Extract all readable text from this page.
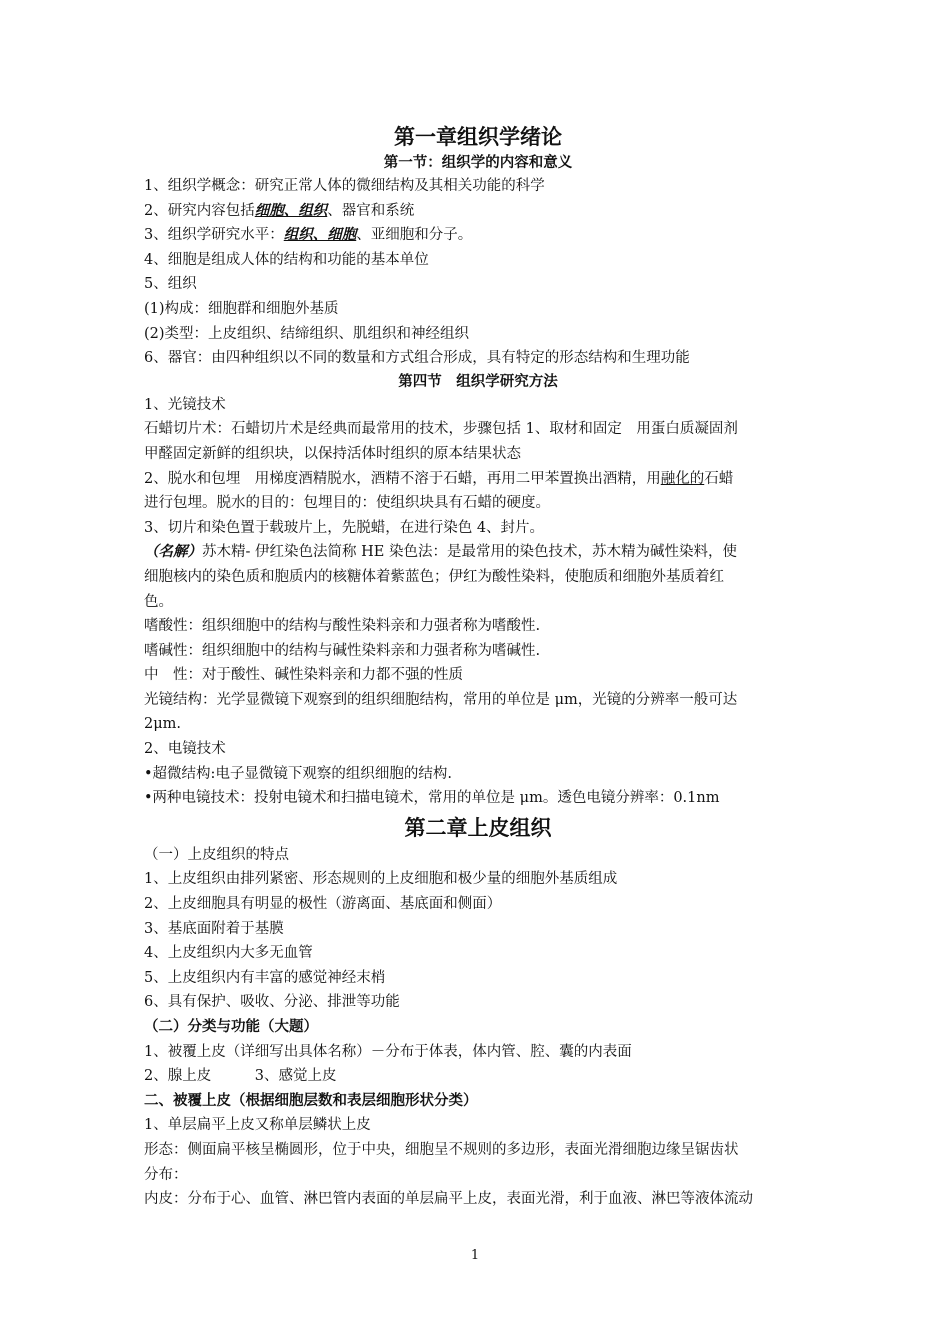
第一章组织学绪论
第一节：组织学的内容和意义
1、组织学概念：研究正常人体的微细结构及其相关功能的科学
2、研究内容包括细胞、组织、器官和系统
3、组织学研究水平：组织、细胞、亚细胞和分子。
4、细胞是组成人体的结构和功能的基本单位
5、组织
(1)构成：细胞群和细胞外基质
(2)类型：上皮组织、结缔组织、肌组织和神经组织
6、器官：由四种组织以不同的数量和方式组合形成，具有特定的形态结构和生理功能
第四节　组织学研究方法
1、光镜技术
石蜡切片术：石蜡切片术是经典而最常用的技术，步骤包括 1、取材和固定　用蛋白质凝固剂
甲醛固定新鲜的组织块，以保持活体时组织的原本结果状态
2、脱水和包埋　用梯度酒精脱水，酒精不溶于石蜡，再用二甲苯置换出酒精，用融化的石蜡
进行包埋。脱水的目的：包埋目的：使组织块具有石蜡的硬度。
3、切片和染色置于载玻片上，先脱蜡，在进行染色 4、封片。
（名解）苏木精- 伊红染色法简称 HE 染色法：是最常用的染色技术，苏木精为碱性染料，使
细胞核内的染色质和胞质内的核糖体着紫蓝色；伊红为酸性染料，使胞质和细胞外基质着红
色。
嗜酸性：组织细胞中的结构与酸性染料亲和力强者称为嗜酸性.
嗜碱性：组织细胞中的结构与碱性染料亲和力强者称为嗜碱性.
中　性：对于酸性、碱性染料亲和力都不强的性质
光镜结构：光学显微镜下观察到的组织细胞结构，常用的单位是 μm，光镜的分辨率一般可达
2μm.
2、电镜技术
•超微结构:电子显微镜下观察的组织细胞的结构.
•两种电镜技术：投射电镜术和扫描电镜术，常用的单位是 μm。透色电镜分辨率：0.1nm
第二章上皮组织
（一）上皮组织的特点
1、上皮组织由排列紧密、形态规则的上皮细胞和极少量的细胞外基质组成
2、上皮细胞具有明显的极性（游离面、基底面和侧面）
3、基底面附着于基膜
4、上皮组织内大多无血管
5、上皮组织内有丰富的感觉神经末梢
6、具有保护、吸收、分泌、排泄等功能
（二）分类与功能（大题）
1、被覆上皮（详细写出具体名称）－分布于体表，体内管、腔、囊的内表面
2、腺上皮　　　3、感觉上皮
二、被覆上皮（根据细胞层数和表层细胞形状分类）
1、单层扁平上皮又称单层鳞状上皮
形态：侧面扁平核呈椭圆形，位于中央，细胞呈不规则的多边形，表面光滑细胞边缘呈锯齿状
分布：
内皮：分布于心、血管、淋巴管内表面的单层扁平上皮，表面光滑，利于血液、淋巴等液体流动
1
